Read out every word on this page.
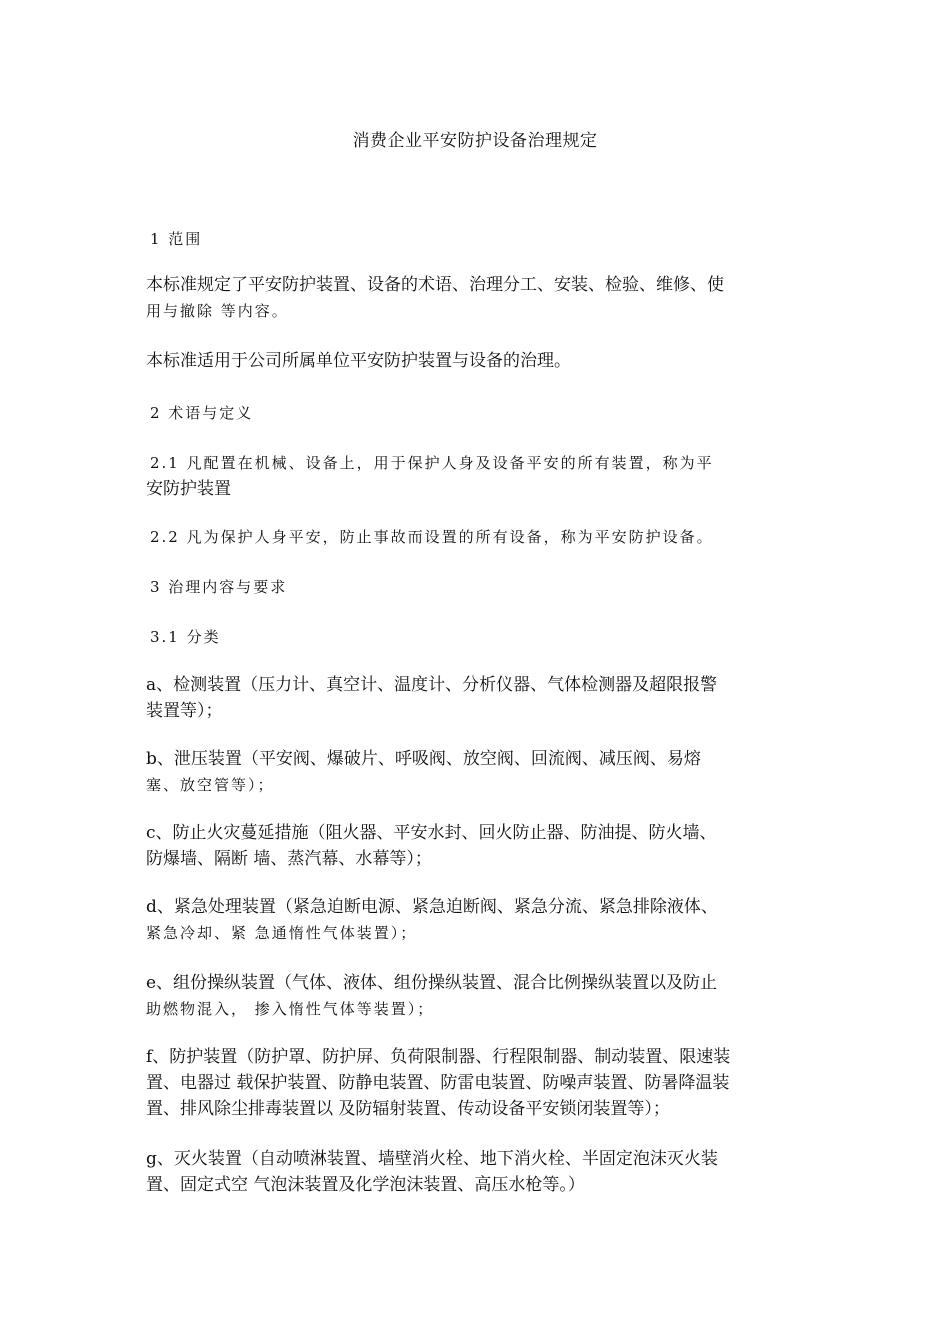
消费企业平安防护设备治理规定
1 范围
本标准规定了平安防护装置、设备的术语、治理分工、安装、检验、维修、使
用与撤除 等内容。
本标准适用于公司所属单位平安防护装置与设备的治理。
2 术语与定义
2.1 凡配置在机械、设备上，用于保护人身及设备平安的所有装置，称为平
安防护装置
2.2 凡为保护人身平安，防止事故而设置的所有设备，称为平安防护设备。
3 治理内容与要求
3.1 分类
a、检测装置（压力计、真空计、温度计、分析仪器、气体检测器及超限报警
装置等）；
b、泄压装置（平安阀、爆破片、呼吸阀、放空阀、回流阀、减压阀、易熔
塞、放空管等）；
c、防止火灾蔓延措施（阻火器、平安水封、回火防止器、防油提、防火墙、
防爆墙、隔断 墙、蒸汽幕、水幕等）；
d、紧急处理装置（紧急迫断电源、紧急迫断阀、紧急分流、紧急排除液体、
紧急冷却、紧 急通惰性气体装置）；
e、组份操纵装置（气体、液体、组份操纵装置、混合比例操纵装置以及防止
助燃物混入， 掺入惰性气体等装置）；
f、防护装置（防护罩、防护屏、负荷限制器、行程限制器、制动装置、限速装
置、电器过 载保护装置、防静电装置、防雷电装置、防噪声装置、防暑降温装
置、排风除尘排毒装置以 及防辐射装置、传动设备平安锁闭装置等）；
g、灭火装置（自动喷淋装置、墙壁消火栓、地下消火栓、半固定泡沫灭火装
置、固定式空 气泡沫装置及化学泡沫装置、高压水枪等。）
